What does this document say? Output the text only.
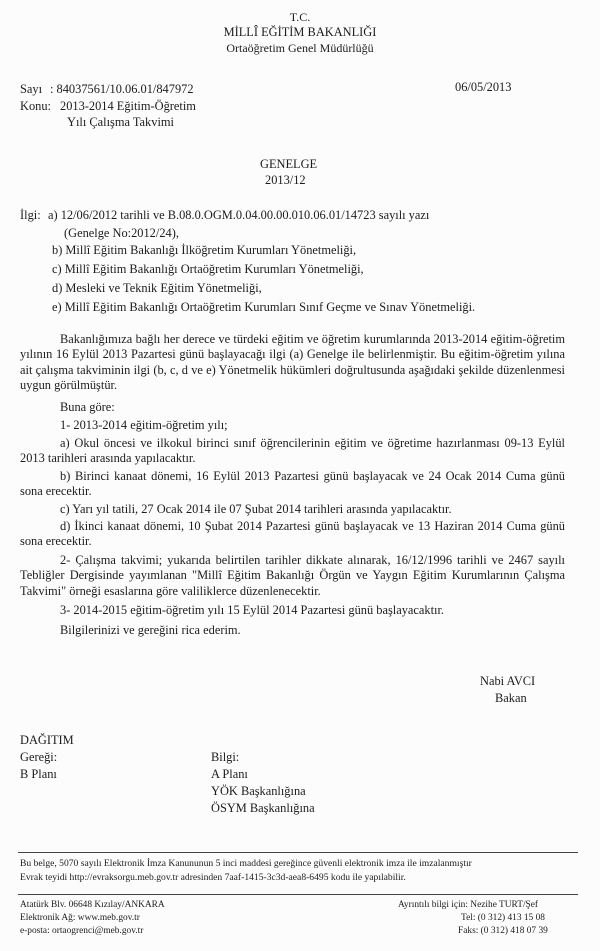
T.C.
MİLLÎ EĞİTİM BAKANLIĞI
Ortaöğretim Genel Müdürlüğü
Sayı : 84037561/10.06.01/847972	06/05/2013
Konu: 2013-2014 Eğitim-Öğretim
Yılı Çalışma Takvimi
GENELGE
2013/12
İlgi: a) 12/06/2012 tarihli ve B.08.0.OGM.0.04.00.00.010.06.01/14723 sayılı yazı
(Genelge No:2012/24),
b) Millî Eğitim Bakanlığı İlköğretim Kurumları Yönetmeliği,
c) Millî Eğitim Bakanlığı Ortaöğretim Kurumları Yönetmeliği,
d) Mesleki ve Teknik Eğitim Yönetmeliği,
e) Millî Eğitim Bakanlığı Ortaöğretim Kurumları Sınıf Geçme ve Sınav Yönetmeliği.
Bakanlığımıza bağlı her derece ve türdeki eğitim ve öğretim kurumlarında 2013-2014 eğitim-öğretim yılının 16 Eylül 2013 Pazartesi günü başlayacağı ilgi (a) Genelge ile belirlenmiştir. Bu eğitim-öğretim yılına ait çalışma takviminin ilgi (b, c, d ve e) Yönetmelik hükümleri doğrultusunda aşağıdaki şekilde düzenlenmesi uygun görülmüştür.
Buna göre:
1- 2013-2014 eğitim-öğretim yılı;
a) Okul öncesi ve ilkokul birinci sınıf öğrencilerinin eğitim ve öğretime hazırlanması 09-13 Eylül 2013 tarihleri arasında yapılacaktır.
b) Birinci kanaat dönemi, 16 Eylül 2013 Pazartesi günü başlayacak ve 24 Ocak 2014 Cuma günü sona erecektir.
c) Yarı yıl tatili, 27 Ocak 2014 ile 07 Şubat 2014 tarihleri arasında yapılacaktır.
d) İkinci kanaat dönemi, 10 Şubat 2014 Pazartesi günü başlayacak ve 13 Haziran 2014 Cuma günü sona erecektir.
2- Çalışma takvimi; yukarıda belirtilen tarihler dikkate alınarak, 16/12/1996 tarihli ve 2467 sayılı Tebliğler Dergisinde yayımlanan "Millî Eğitim Bakanlığı Örgün ve Yaygın Eğitim Kurumlarının Çalışma Takvimi" örneği esaslarına göre valiliklerce düzenlenecektir.
3- 2014-2015 eğitim-öğretim yılı 15 Eylül 2014 Pazartesi günü başlayacaktır.
Bilgilerinizi ve gereğini rica ederim.
Nabi AVCI
Bakan
DAĞITIM
Gereği:
B Planı
Bilgi:
A Planı
YÖK Başkanlığına
ÖSYM Başkanlığına
Bu belge, 5070 sayılı Elektronik İmza Kanununun 5 inci maddesi gereğince güvenli elektronik imza ile imzalanmıştır
Evrak teyidi http://evraksorgu.meb.gov.tr adresinden 7aaf-1415-3c3d-aea8-6495 kodu ile yapılabilir.
Atatürk Blv. 06648 Kızılay/ANKARA
Elektronik Ağ: www.meb.gov.tr
e-posta: ortaogrenci@meb.gov.tr
Ayrıntılı bilgi için: Nezihe TURT/Şef
Tel: (0 312) 413 15 08
Faks: (0 312) 418 07 39
